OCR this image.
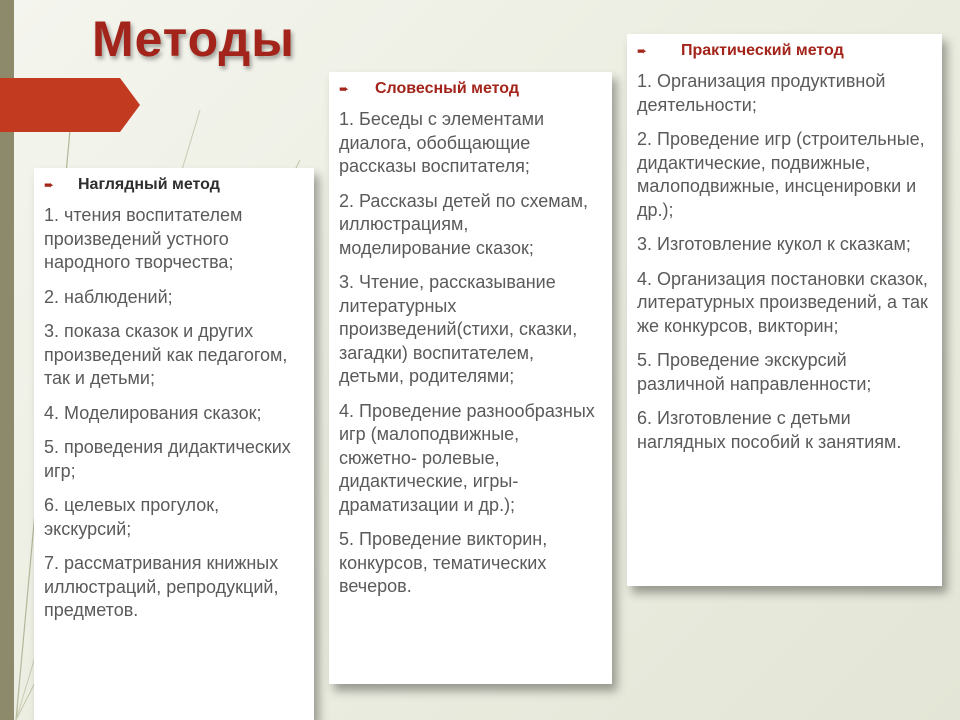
Методы
➨	Наглядный метод

1. чтения воспитателем произведений устного народного творчества;

2. наблюдений;

3. показа сказок и других произведений как педагогом, так и детьми;

4. Моделирования сказок;

5. проведения дидактических игр;

6. целевых прогулок, экскурсий;

7. рассматривания книжных иллюстраций, репродукций, предметов.

➨	Словесный метод

1. Беседы с элементами диалога, обобщающие рассказы воспитателя;

2. Рассказы детей по схемам, иллюстрациям, моделирование сказок;

3. Чтение, рассказывание литературных произведений(стихи, сказки, загадки) воспитателем, детьми, родителями;

4. Проведение разнообразных игр (малоподвижные, сюжетно- ролевые, дидактические, игры-драматизации и др.);

5. Проведение викторин, конкурсов, тематических вечеров.

➨	Практический метод

1. Организация продуктивной деятельности;

2. Проведение игр (строительные, дидактические, подвижные, малоподвижные, инсценировки и др.);

3. Изготовление кукол к сказкам;

4. Организация постановки сказок, литературных произведений, а так же конкурсов, викторин;

5. Проведение экскурсий различной направленности;

6. Изготовление с детьми наглядных пособий к занятиям.
